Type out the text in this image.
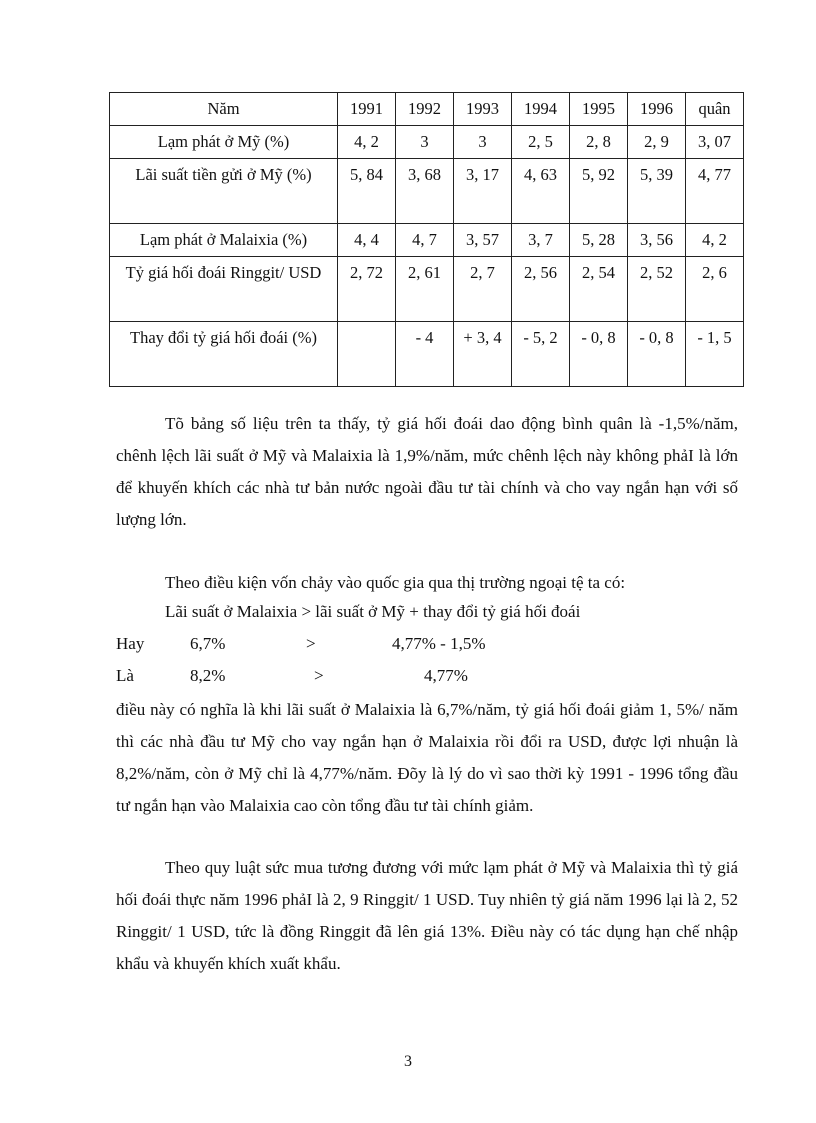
Năm	1991	1992	1993	1994	1995	1996	quân
Lạm phát ở Mỹ (%)	4, 2	3	3	2, 5	2, 8	2, 9	3, 07
Lãi suất tiền gửi ở Mỹ (%)	5, 84	3, 68	3, 17	4, 63	5, 92	5, 39	4, 77
Lạm phát ở Malaixia (%)	4, 4	4, 7	3, 57	3, 7	5, 28	3, 56	4, 2
Tỷ giá hối đoái Ringgit/ USD	2, 72	2, 61	2, 7	2, 56	2, 54	2, 52	2, 6
Thay đổi tỷ giá hối đoái (%)		- 4	+ 3, 4	- 5, 2	- 0, 8	- 0, 8	- 1, 5

Tõ bảng số liệu trên ta thấy, tỷ giá hối đoái dao động bình quân là -1,5%/năm, chênh lệch lãi suất ở Mỹ và Malaixia là 1,9%/năm, mức chênh lệch này không phảI là lớn để khuyến khích các nhà tư bản nước ngoài đầu tư tài chính và cho vay ngắn hạn với số lượng lớn.

Theo điều kiện vốn chảy vào quốc gia qua thị trường ngoại tệ ta có:
Lãi suất ở Malaixia > lãi suất ở Mỹ + thay đổi tỷ giá hối đoái
Hay	6,7%	>	4,77% - 1,5%
Là	8,2%	>	4,77%

điều này có nghĩa là khi lãi suất ở Malaixia là 6,7%/năm, tỷ giá hối đoái giảm 1, 5%/ năm thì các nhà đầu tư Mỹ cho vay ngắn hạn ở Malaixia rồi đổi ra USD, được lợi nhuận là 8,2%/năm, còn ở Mỹ chỉ là 4,77%/năm. Đõy là lý do vì sao thời kỳ 1991 - 1996 tổng đầu tư ngắn hạn vào Malaixia cao còn tổng đầu tư tài chính giảm.

Theo quy luật sức mua tương đương với mức lạm phát ở Mỹ và Malaixia thì tỷ giá hối đoái thực năm 1996 phảI là 2, 9 Ringgit/ 1 USD. Tuy nhiên tỷ giá năm 1996 lại là 2, 52 Ringgit/ 1 USD, tức là đồng Ringgit đã lên giá 13%. Điều này có tác dụng hạn chế nhập khẩu và khuyến khích xuất khẩu.

3
